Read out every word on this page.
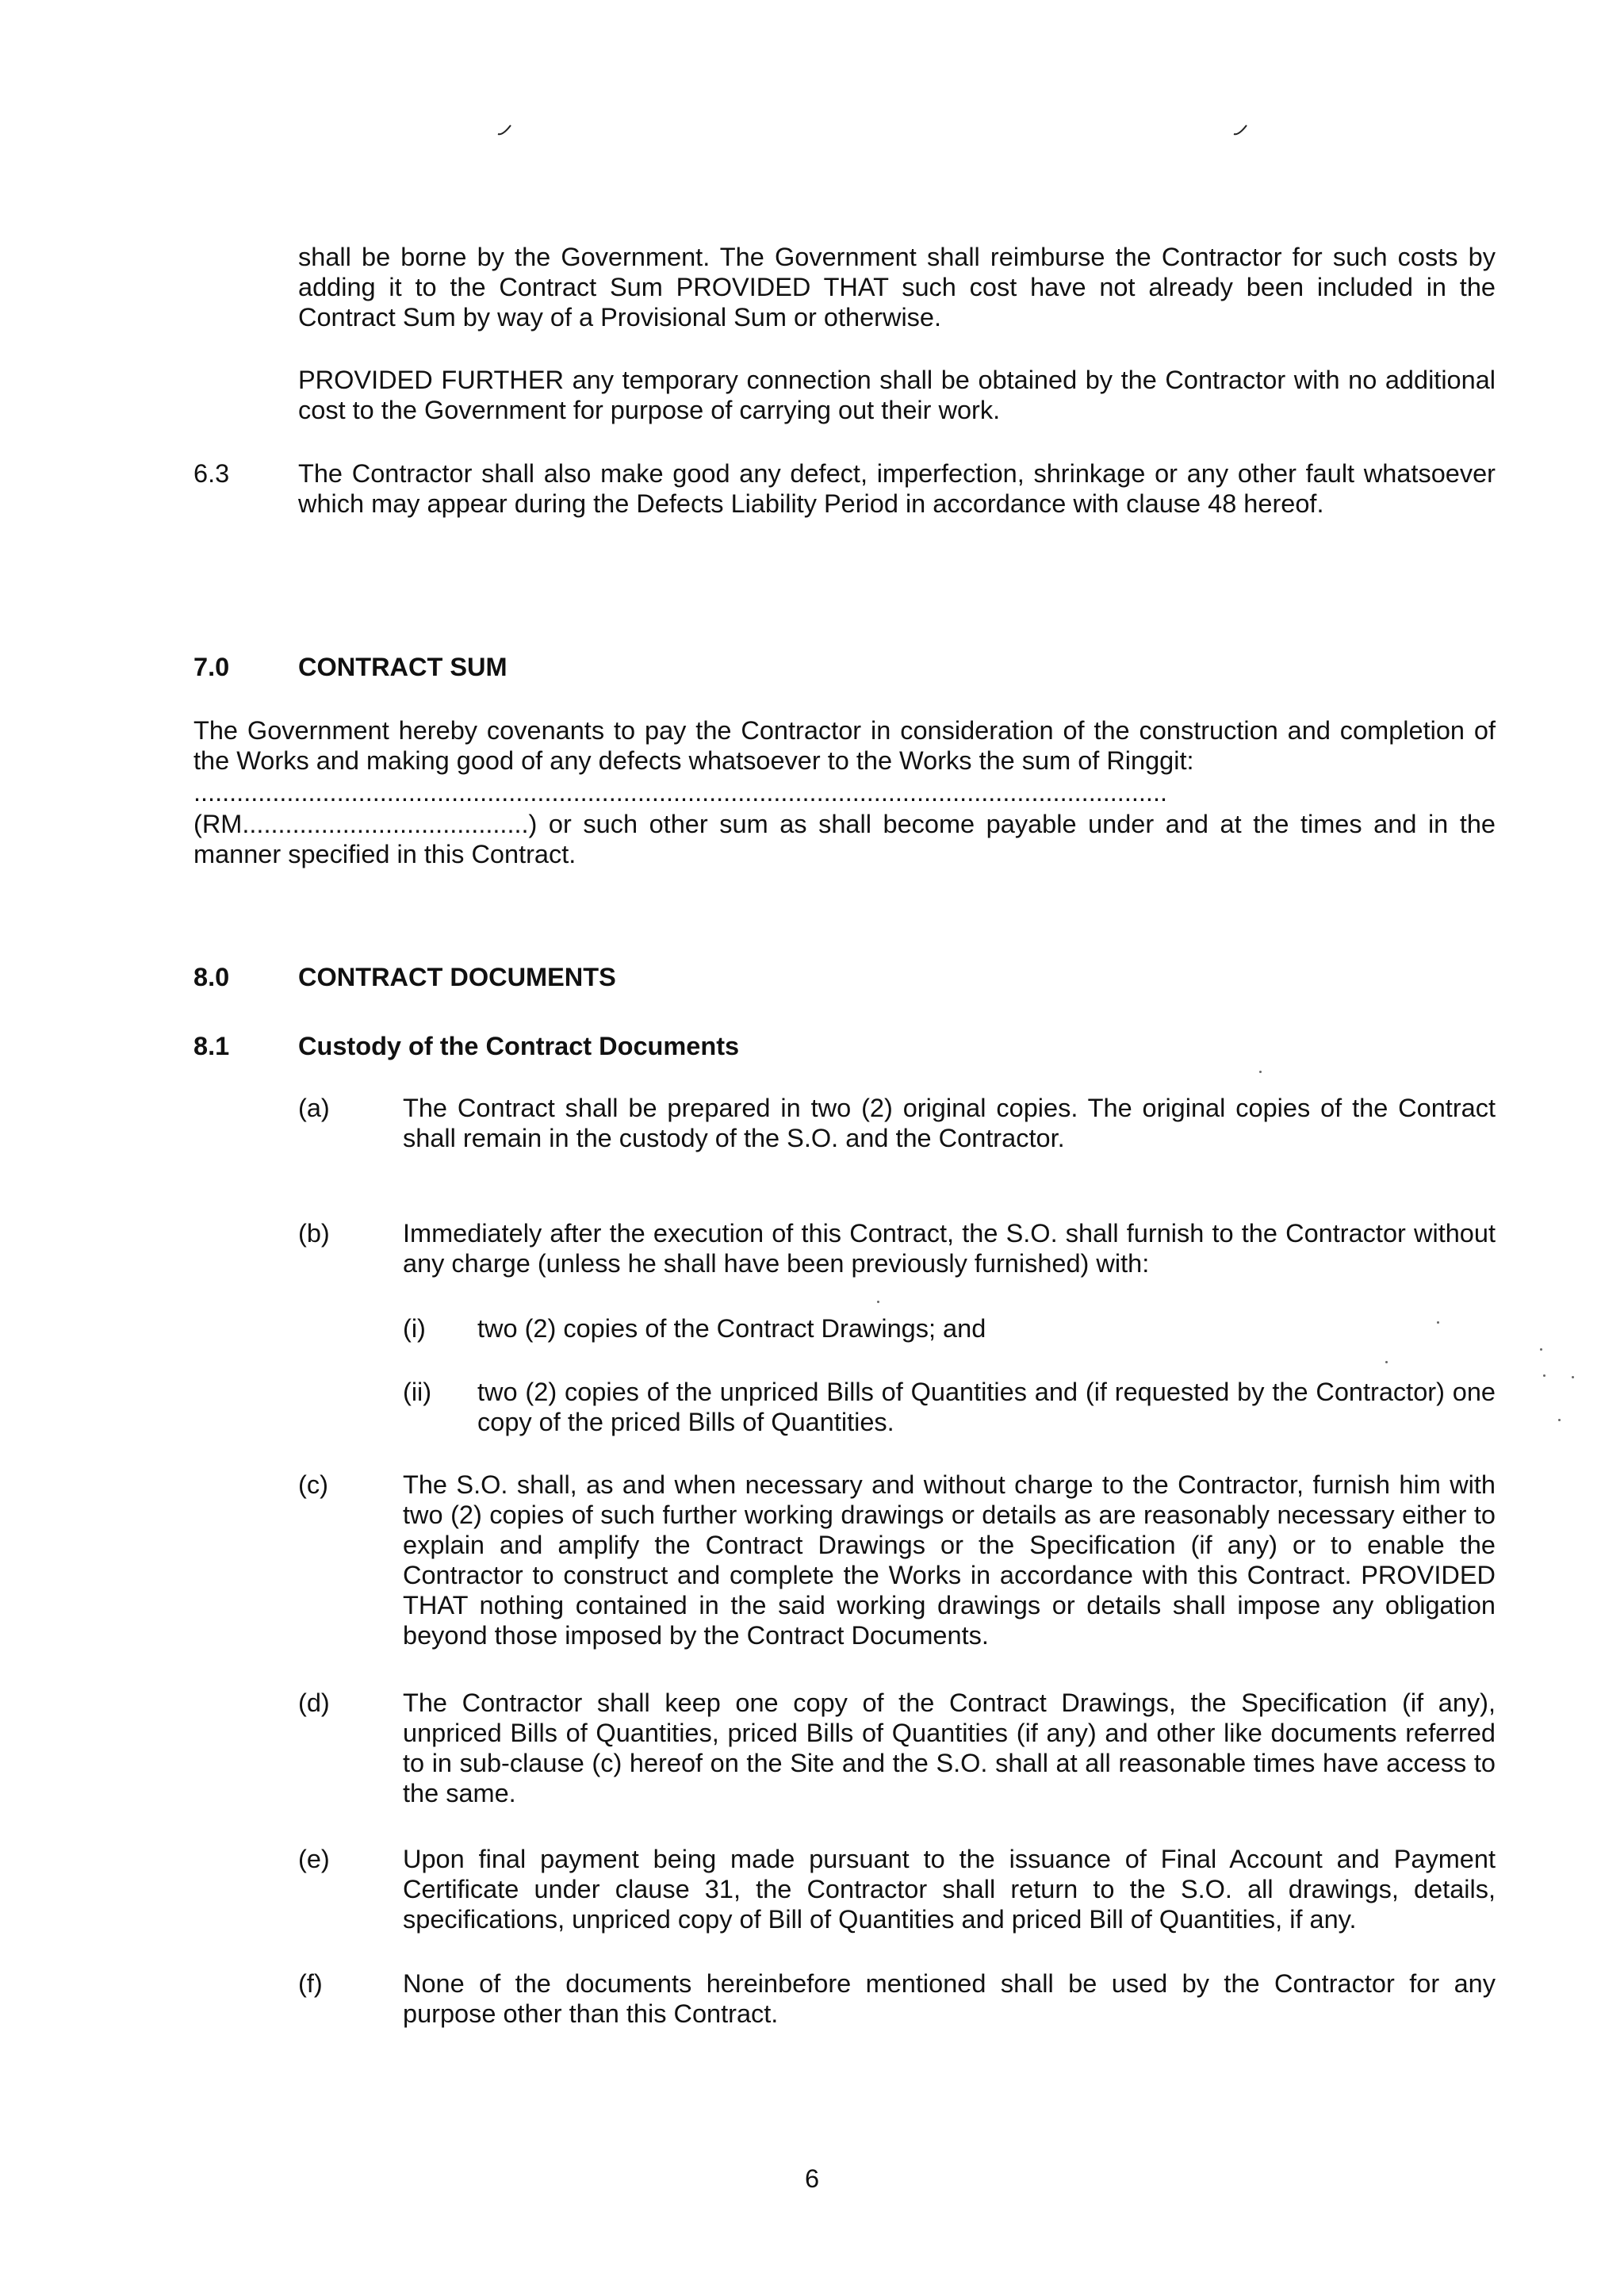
shall be borne by the Government. The Government shall reimburse the Contractor for such costs by adding it to the Contract Sum PROVIDED THAT such cost have not already been included in the Contract Sum by way of a Provisional Sum or otherwise.

PROVIDED FURTHER any temporary connection shall be obtained by the Contractor with no additional cost to the Government for purpose of carrying out their work.

6.3	The Contractor shall also make good any defect, imperfection, shrinkage or any other fault whatsoever which may appear during the Defects Liability Period in accordance with clause 48 hereof.

7.0	CONTRACT SUM

The Government hereby covenants to pay the Contractor in consideration of the construction and completion of the Works and making good of any defects whatsoever to the Works the sum of Ringgit:

........................................................................................................................................

(RM........................................) or such other sum as shall become payable under and at the times and in the manner specified in this Contract.

8.0	CONTRACT DOCUMENTS

8.1	Custody of the Contract Documents

(a)	The Contract shall be prepared in two (2) original copies. The original copies of the Contract shall remain in the custody of the S.O. and the Contractor.

(b)	Immediately after the execution of this Contract, the S.O. shall furnish to the Contractor without any charge (unless he shall have been previously furnished) with:

(i) two (2) copies of the Contract Drawings; and

(ii) two (2) copies of the unpriced Bills of Quantities and (if requested by the Contractor) one copy of the priced Bills of Quantities.

(c)	The S.O. shall, as and when necessary and without charge to the Contractor, furnish him with two (2) copies of such further working drawings or details as are reasonably necessary either to explain and amplify the Contract Drawings or the Specification (if any) or to enable the Contractor to construct and complete the Works in accordance with this Contract. PROVIDED THAT nothing contained in the said working drawings or details shall impose any obligation beyond those imposed by the Contract Documents.

(d)	The Contractor shall keep one copy of the Contract Drawings, the Specification (if any), unpriced Bills of Quantities, priced Bills of Quantities (if any) and other like documents referred to in sub-clause (c) hereof on the Site and the S.O. shall at all reasonable times have access to the same.

(e)	Upon final payment being made pursuant to the issuance of Final Account and Payment Certificate under clause 31, the Contractor shall return to the S.O. all drawings, details, specifications, unpriced copy of Bill of Quantities and priced Bill of Quantities, if any.

(f)	None of the documents hereinbefore mentioned shall be used by the Contractor for any purpose other than this Contract.

6
